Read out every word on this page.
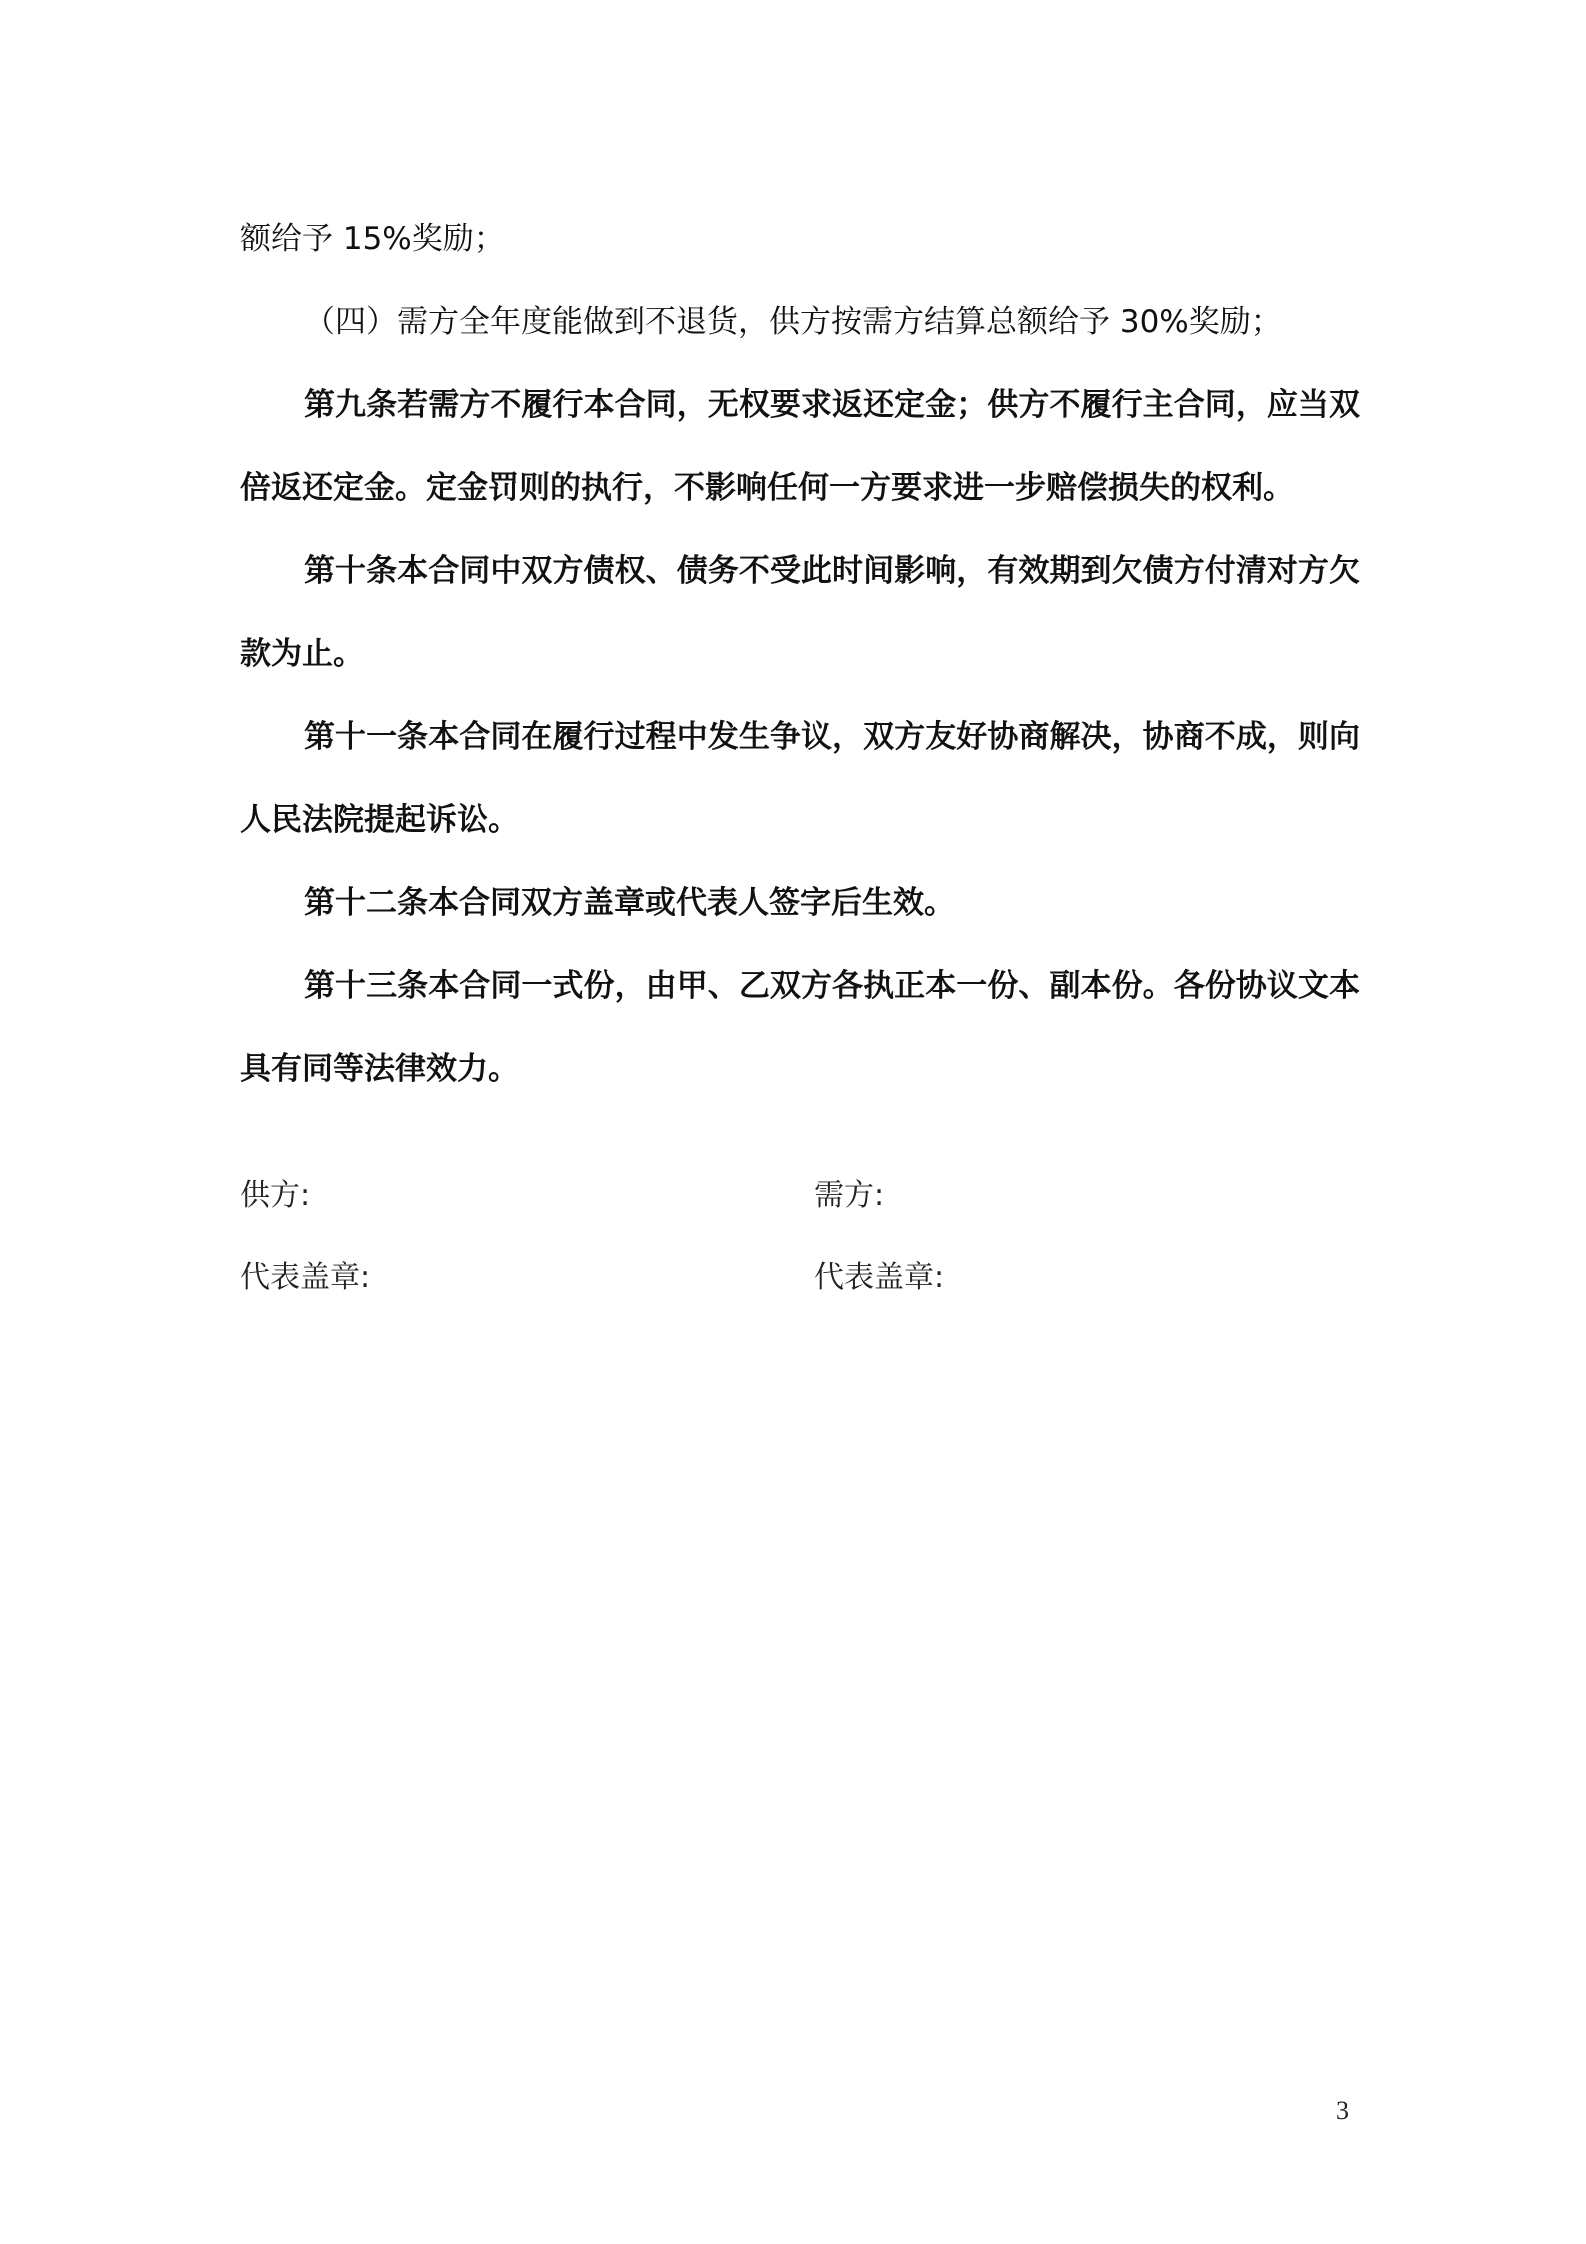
额给予 15%奖励；

（四）需方全年度能做到不退货，供方按需方结算总额给予 30%奖励；

第九条若需方不履行本合同，无权要求返还定金；供方不履行主合同，应当双倍返还定金。定金罚则的执行，不影响任何一方要求进一步赔偿损失的权利。

第十条本合同中双方债权、债务不受此时间影响，有效期到欠债方付清对方欠款为止。

第十一条本合同在履行过程中发生争议，双方友好协商解决，协商不成，则向人民法院提起诉讼。

第十二条本合同双方盖章或代表人签字后生效。

第十三条本合同一式份，由甲、乙双方各执正本一份、副本份。各份协议文本具有同等法律效力。

供方:	需方:
代表盖章:	代表盖章:
3
